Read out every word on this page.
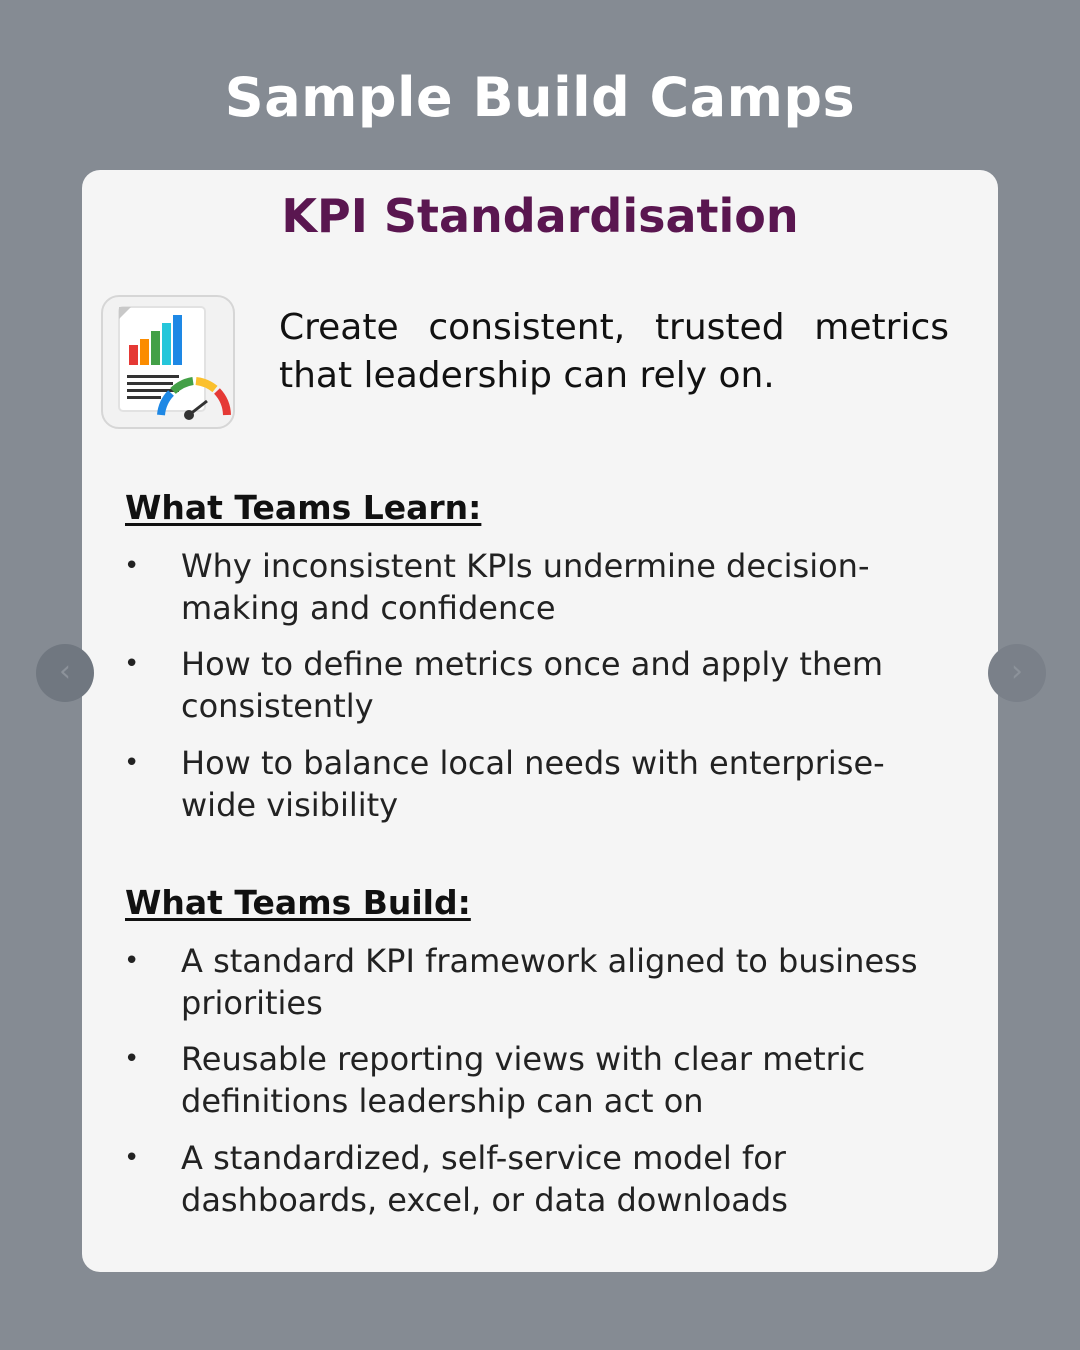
Sample Build Camps
KPI Standardisation
Create consistent, trusted metrics that leadership can rely on.
What Teams Learn:
• Why inconsistent KPIs undermine decision-making and confidence
• How to define metrics once and apply them consistently
• How to balance local needs with enterprise-wide visibility
What Teams Build:
• A standard KPI framework aligned to business priorities
• Reusable reporting views with clear metric definitions leadership can act on
• A standardized, self-service model for dashboards, excel, or data downloads
‹	›
